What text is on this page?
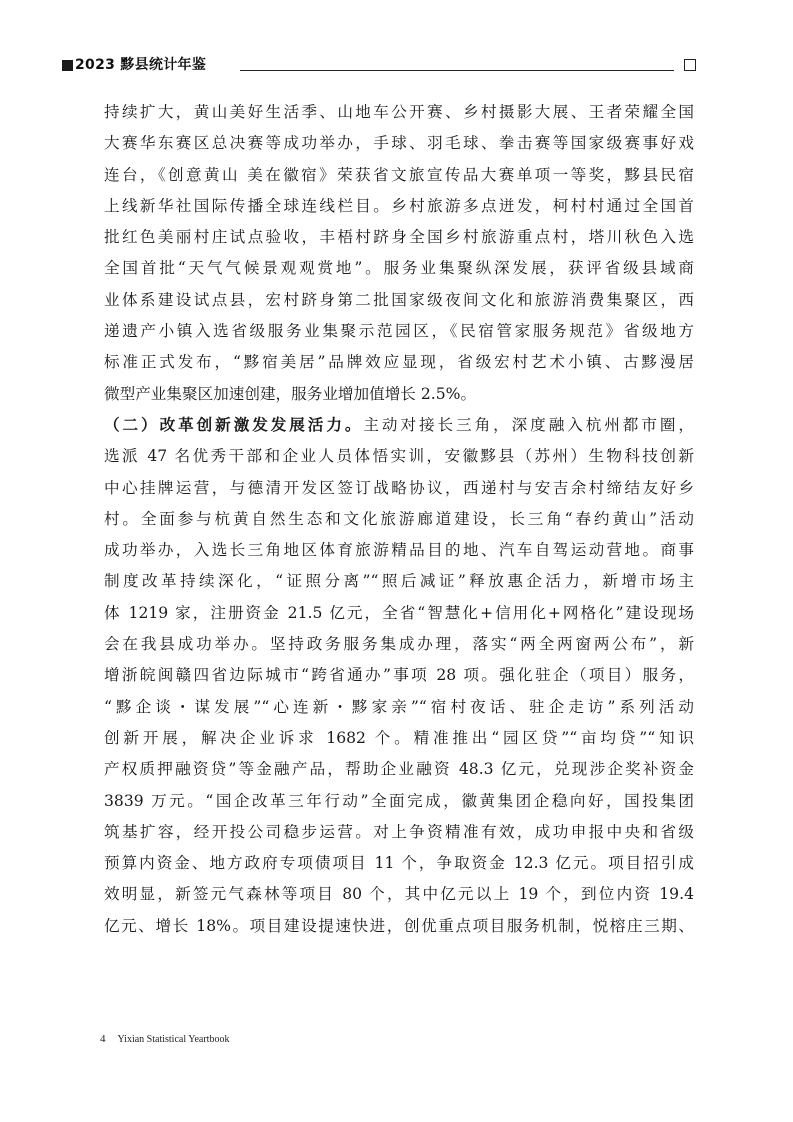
2023 黟县统计年鉴
持续扩大，黄山美好生活季、山地车公开赛、乡村摄影大展、王者荣耀全国
大赛华东赛区总决赛等成功举办，手球、羽毛球、拳击赛等国家级赛事好戏
连台，《创意黄山 美在徽宿》荣获省文旅宣传品大赛单项一等奖，黟县民宿
上线新华社国际传播全球连线栏目。乡村旅游多点迸发，柯村村通过全国首
批红色美丽村庄试点验收，丰梧村跻身全国乡村旅游重点村，塔川秋色入选
全国首批“天气气候景观观赏地”。服务业集聚纵深发展，获评省级县域商
业体系建设试点县，宏村跻身第二批国家级夜间文化和旅游消费集聚区，西
递遗产小镇入选省级服务业集聚示范园区，《民宿管家服务规范》省级地方
标准正式发布，“黟宿美居”品牌效应显现，省级宏村艺术小镇、古黟漫居
微型产业集聚区加速创建，服务业增加值增长 2.5%。
（二）改革创新激发发展活力。主动对接长三角，深度融入杭州都市圈，
选派 47 名优秀干部和企业人员体悟实训，安徽黟县（苏州）生物科技创新
中心挂牌运营，与德清开发区签订战略协议，西递村与安吉余村缔结友好乡
村。全面参与杭黄自然生态和文化旅游廊道建设，长三角“春约黄山”活动
成功举办，入选长三角地区体育旅游精品目的地、汽车自驾运动营地。商事
制度改革持续深化，“证照分离”“照后减证”释放惠企活力，新增市场主
体 1219 家，注册资金 21.5 亿元，全省“智慧化+信用化+网格化”建设现场
会在我县成功举办。坚持政务服务集成办理，落实“两全两窗两公布”，新
增浙皖闽赣四省边际城市“跨省通办”事项 28 项。强化驻企（项目）服务，
“黟企谈・谋发展”“心连新・黟家亲”“宿村夜话、驻企走访”系列活动
创新开展，解决企业诉求 1682 个。精准推出“园区贷”“亩均贷”“知识
产权质押融资贷”等金融产品，帮助企业融资 48.3 亿元，兑现涉企奖补资金
3839 万元。“国企改革三年行动”全面完成，徽黄集团企稳向好，国投集团
筑基扩容，经开投公司稳步运营。对上争资精准有效，成功申报中央和省级
预算内资金、地方政府专项债项目 11 个，争取资金 12.3 亿元。项目招引成
效明显，新签元气森林等项目 80 个，其中亿元以上 19 个，到位内资 19.4
亿元、增长 18%。项目建设提速快进，创优重点项目服务机制，悦榕庄三期、
4 Yixian Statistical Yeartbook
